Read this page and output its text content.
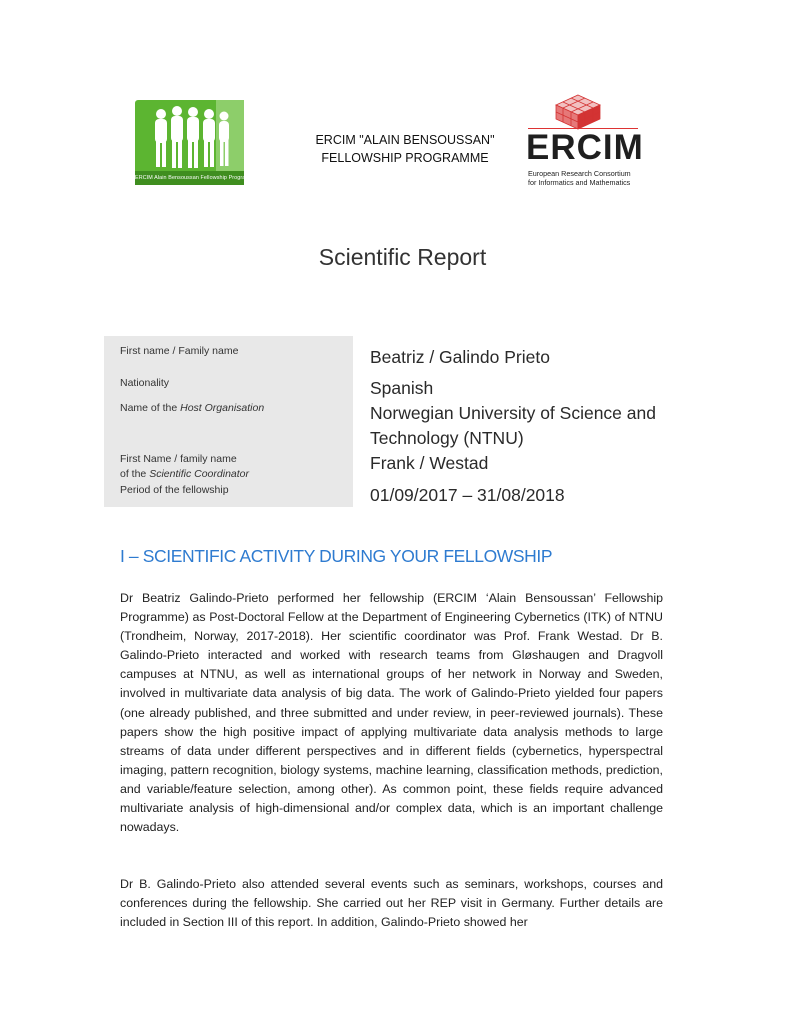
ERCIM Alain Bensoussan Fellowship Programme
ERCIM "ALAIN BENSOUSSAN"
FELLOWSHIP PROGRAMME	ERCIM
European Research Consortium
for Informatics and Mathematics
Scientific Report
First name / Family name
Nationality
Name of the Host Organisation
First Name / family name
of the Scientific Coordinator
Period of the fellowship
Beatriz / Galindo Prieto
Spanish
Norwegian University of Science and
Technology (NTNU)
Frank / Westad
01/09/2017 – 31/08/2018
I – SCIENTIFIC ACTIVITY DURING YOUR FELLOWSHIP

Dr Beatriz Galindo-Prieto performed her fellowship (ERCIM ‘Alain Bensoussan’ Fellowship Programme) as Post-Doctoral Fellow at the Department of Engineering Cybernetics (ITK) of NTNU (Trondheim, Norway, 2017-2018). Her scientific coordinator was Prof. Frank Westad. Dr B. Galindo-Prieto interacted and worked with research teams from Gløshaugen and Dragvoll campuses at NTNU, as well as international groups of her network in Norway and Sweden, involved in multivariate data analysis of big data. The work of Galindo-Prieto yielded four papers (one already published, and three submitted and under review, in peer-reviewed journals). These papers show the high positive impact of applying multivariate data analysis methods to large streams of data under different perspectives and in different fields (cybernetics, hyperspectral imaging, pattern recognition, biology systems, machine learning, classification methods, prediction, and variable/feature selection, among other). As common point, these fields require advanced multivariate analysis of high-dimensional and/or complex data, which is an important challenge nowadays.

Dr B. Galindo-Prieto also attended several events such as seminars, workshops, courses and conferences during the fellowship. She carried out her REP visit in Germany. Further details are included in Section III of this report. In addition, Galindo-Prieto showed her
